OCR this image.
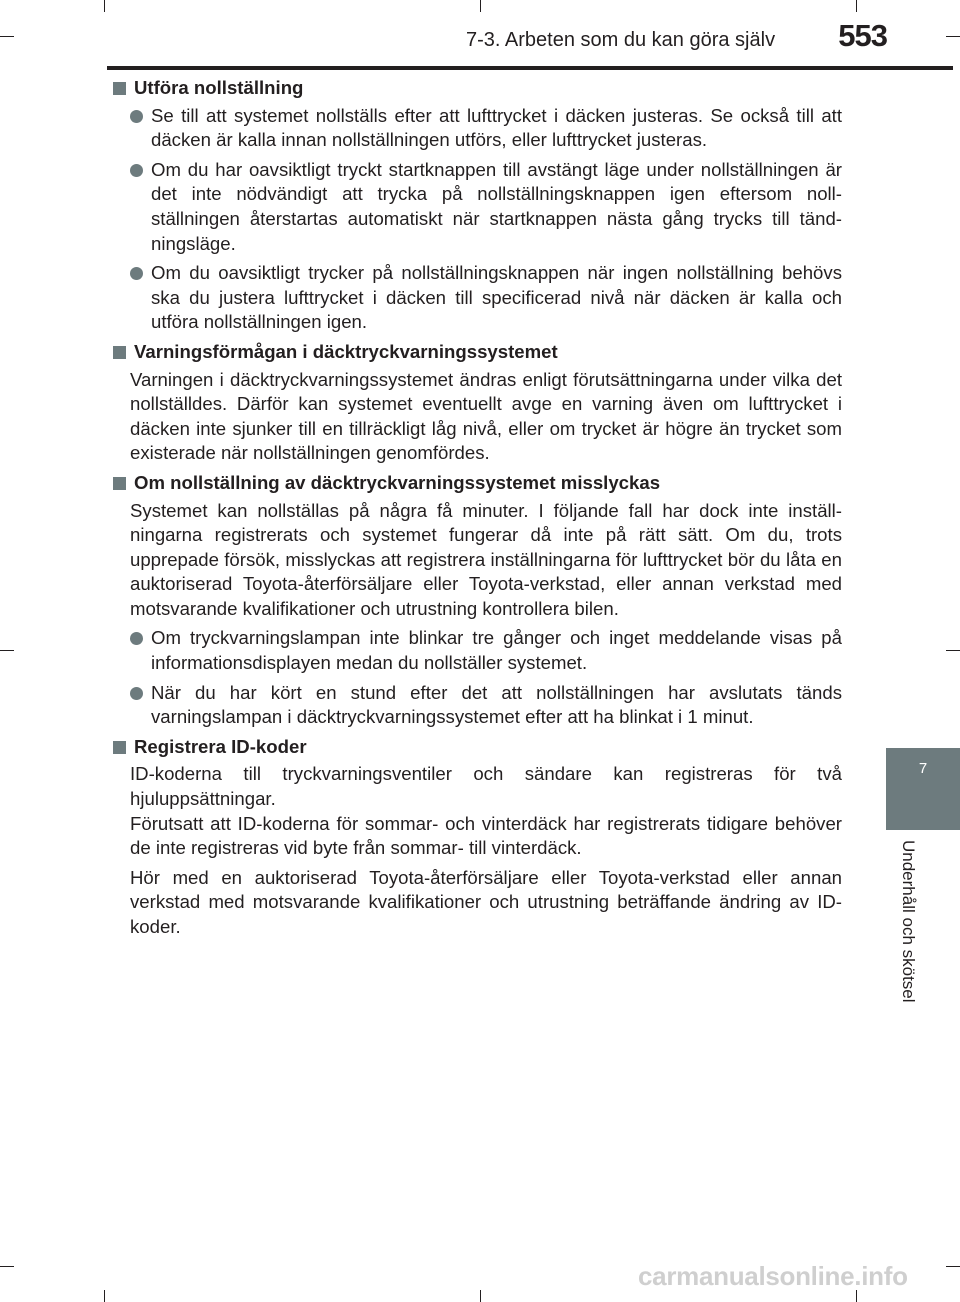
7-3. Arbeten som du kan göra själv	553
7
Underhåll och skötsel
Utföra nollställning
Se till att systemet nollställs efter att lufttrycket i däcken justeras. Se också till att däcken är kalla innan nollställningen utförs, eller lufttrycket justeras.
Om du har oavsiktligt tryckt startknappen till avstängt läge under nollställningen är det inte nödvändigt att trycka på nollställningsknappen igen eftersom noll-ställningen återstartas automatiskt när startknappen nästa gång trycks till tänd-ningsläge.
Om du oavsiktligt trycker på nollställningsknappen när ingen nollställning behövs ska du justera lufttrycket i däcken till specificerad nivå när däcken är kalla och utföra nollställningen igen.
Varningsförmågan i däcktryckvarningssystemet
Varningen i däcktryckvarningssystemet ändras enligt förutsättningarna under vilka det nollställdes. Därför kan systemet eventuellt avge en varning även om lufttrycket i däcken inte sjunker till en tillräckligt låg nivå, eller om trycket är högre än trycket som existerade när nollställningen genomfördes.
Om nollställning av däcktryckvarningssystemet misslyckas
Systemet kan nollställas på några få minuter. I följande fall har dock inte inställ-ningarna registrerats och systemet fungerar då inte på rätt sätt. Om du, trots upprepade försök, misslyckas att registrera inställningarna för lufttrycket bör du låta en auktoriserad Toyota-återförsäljare eller Toyota-verkstad, eller annan verkstad med motsvarande kvalifikationer och utrustning kontrollera bilen.
Om tryckvarningslampan inte blinkar tre gånger och inget meddelande visas på informationsdisplayen medan du nollställer systemet.
När du har kört en stund efter det att nollställningen har avslutats tänds varningslampan i däcktryckvarningssystemet efter att ha blinkat i 1 minut.
Registrera ID-koder
ID-koderna till tryckvarningsventiler och sändare kan registreras för två hjuluppsättningar.
Förutsatt att ID-koderna för sommar- och vinterdäck har registrerats tidigare behöver de inte registreras vid byte från sommar- till vinterdäck.
Hör med en auktoriserad Toyota-återförsäljare eller Toyota-verkstad eller annan verkstad med motsvarande kvalifikationer och utrustning beträffande ändring av ID-koder.
carmanualsonline.info
